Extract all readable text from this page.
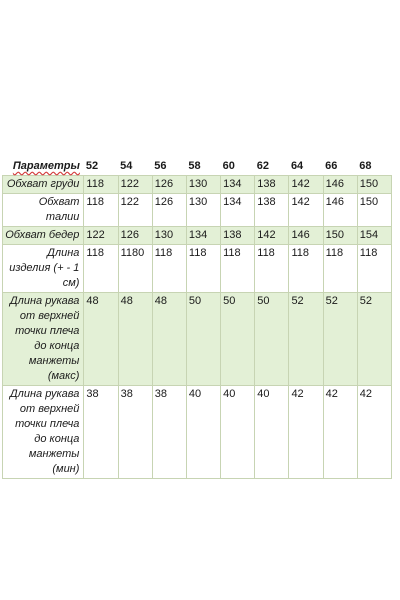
Параметры	52	54	56	58	60	62	64	66	68
Обхват груди	118	122	126	130	134	138	142	146	150
Обхват талии	118	122	126	130	134	138	142	146	150
Обхват бедер	122	126	130	134	138	142	146	150	154
Длина изделия (+ - 1 см)	118	1180	118	118	118	118	118	118	118
Длина рукава от верхней точки плеча до конца манжеты (макс)	48	48	48	50	50	50	52	52	52
Длина рукава от верхней точки плеча до конца манжеты (мин)	38	38	38	40	40	40	42	42	42
